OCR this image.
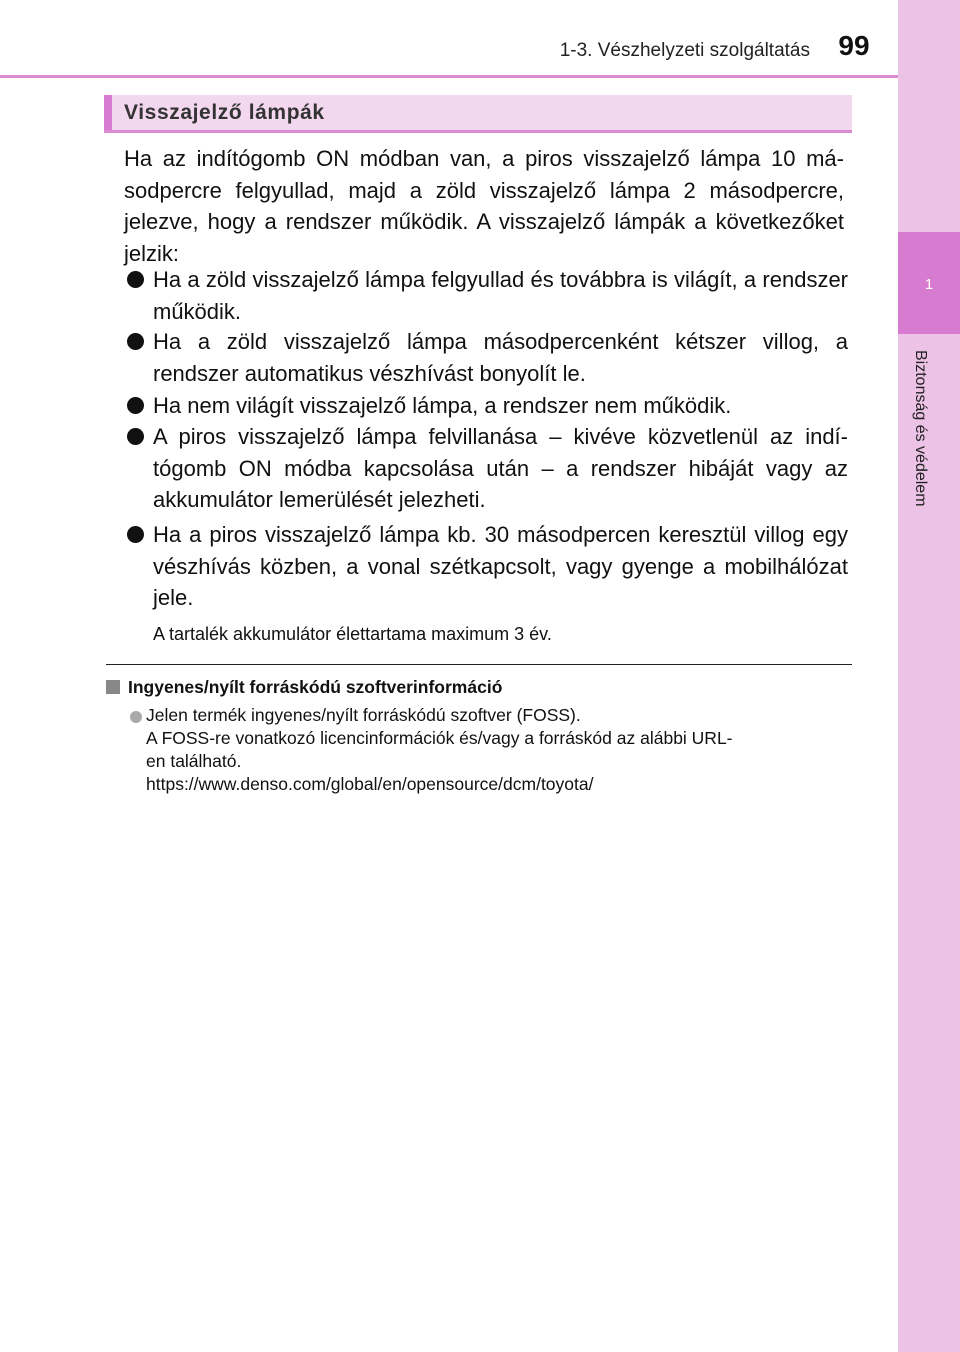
1-3. Vészhelyzeti szolgáltatás	99
1
Biztonság és védelem
Visszajelző lámpák
Ha az indítógomb ON módban van, a piros visszajelző lámpa 10 másodpercre felgyullad, majd a zöld visszajelző lámpa 2 másodpercre, jelezve, hogy a rendszer működik. A visszajelző lámpák a következőket jelzik:
Ha a zöld visszajelző lámpa felgyullad és továbbra is világít, a rendszer működik.
Ha a zöld visszajelző lámpa másodpercenként kétszer villog, a rendszer automatikus vészhívást bonyolít le.
Ha nem világít visszajelző lámpa, a rendszer nem működik.
A piros visszajelző lámpa felvillanása – kivéve közvetlenül az indítógomb ON módba kapcsolása után – a rendszer hibáját vagy az akkumulátor lemerülését jelezheti.
Ha a piros visszajelző lámpa kb. 30 másodpercen keresztül villog egy vészhívás közben, a vonal szétkapcsolt, vagy gyenge a mobilhálózat jele.
A tartalék akkumulátor élettartama maximum 3 év.
Ingyenes/nyílt forráskódú szoftverinformáció
Jelen termék ingyenes/nyílt forráskódú szoftver (FOSS).
A FOSS-re vonatkozó licencinformációk és/vagy a forráskód az alábbi URL-
en található.
https://www.denso.com/global/en/opensource/dcm/toyota/
